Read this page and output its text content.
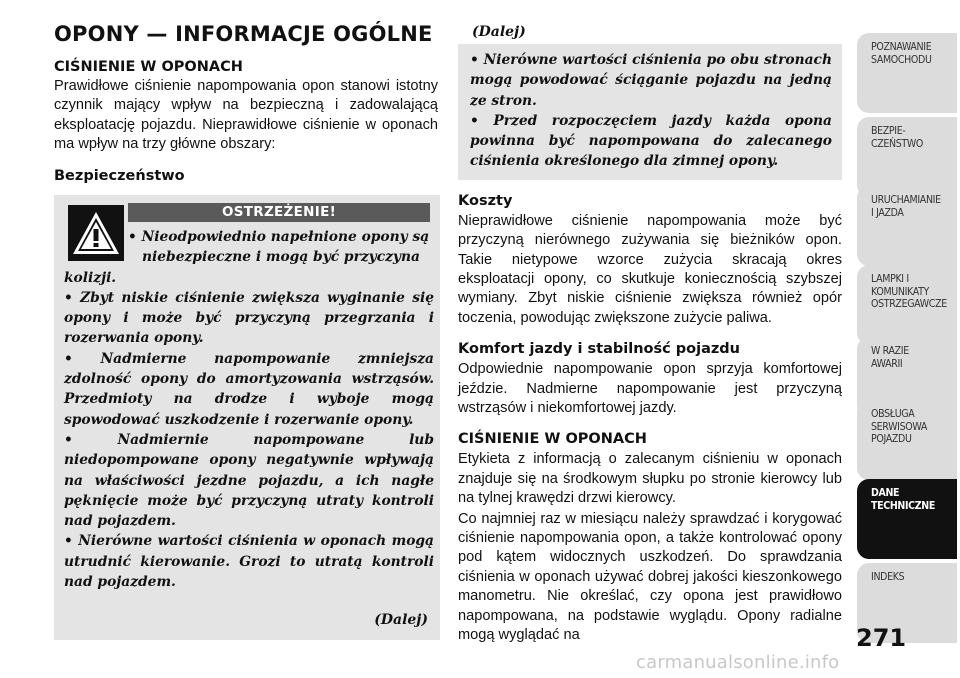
OPONY — INFORMACJE OGÓLNE
CIŚNIENIE W OPONACH
Prawidłowe ciśnienie napompowania opon stanowi istotny czynnik mający wpływ na bezpieczną i zadowalającą eksploatację pojazdu. Nieprawidłowe ciśnienie w oponach ma wpływ na trzy główne obszary:
Bezpieczeństwo
OSTRZEŻENIE!

• Nieodpowiednio napełnione opony są

niebezpieczne i mogą być przyczyna

kolizji.

• Zbyt niskie ciśnienie zwiększa wyginanie się opony i może być przyczyną przegrzania i rozerwania opony.

• Nadmierne napompowanie zmniejsza zdolność opony do amortyzowania wstrząsów. Przedmioty na drodze i wyboje mogą spowodować uszkodzenie i rozerwanie opony.

• Nadmiernie napompowane lub niedopompowane opony negatywnie wpływają na właściwości jezdne pojazdu, a ich nagłe pęknięcie może być przyczyną utraty kontroli nad pojazdem.

• Nierówne wartości ciśnienia w oponach mogą utrudnić kierowanie. Grozi to utratą kontroli nad pojazdem.

(Dalej)
(Dalej)

• Nierówne wartości ciśnienia po obu stronach mogą powodować ściąganie pojazdu na jedną ze stron.

• Przed rozpoczęciem jazdy każda opona powinna być napompowana do zalecanego ciśnienia określonego dla zimnej opony.

Koszty
Nieprawidłowe ciśnienie napompowania może być przyczyną nierównego zużywania się bieżników opon. Takie nietypowe wzorce zużycia skracają okres eksploatacji opony, co skutkuje koniecznością szybszej wymiany. Zbyt niskie ciśnienie zwiększa również opór toczenia, powodując zwiększone zużycie paliwa.
Komfort jazdy i stabilność pojazdu
Odpowiednie napompowanie opon sprzyja komfortowej jeździe. Nadmierne napompowanie jest przyczyną wstrząsów i niekomfortowej jazdy.
CIŚNIENIE W OPONACH
Etykieta z informacją o zalecanym ciśnieniu w oponach znajduje się na środkowym słupku po stronie kierowcy lub na tylnej krawędzi drzwi kierowcy.
Co najmniej raz w miesiącu należy sprawdzać i korygować ciśnienie napompowania opon, a także kontrolować opony pod kątem widocznych uszkodzeń. Do sprawdzania ciśnienia w oponach używać dobrej jakości kieszonkowego manometru. Nie określać, czy opona jest prawidłowo napompowana, na podstawie wyglądu. Opony radialne mogą wyglądać na
POZNAWANIE
SAMOCHODU
BEZPIE-
CZEŃSTWO
URUCHAMIANIE
I JAZDA
LAMPKI I
KOMUNIKATY
OSTRZEGAWCZE
W RAZIE
AWARII
OBSŁUGA
SERWISOWA
POJAZDU
DANE
TECHNICZNE
INDEKS
271
carmanualsonline.info
